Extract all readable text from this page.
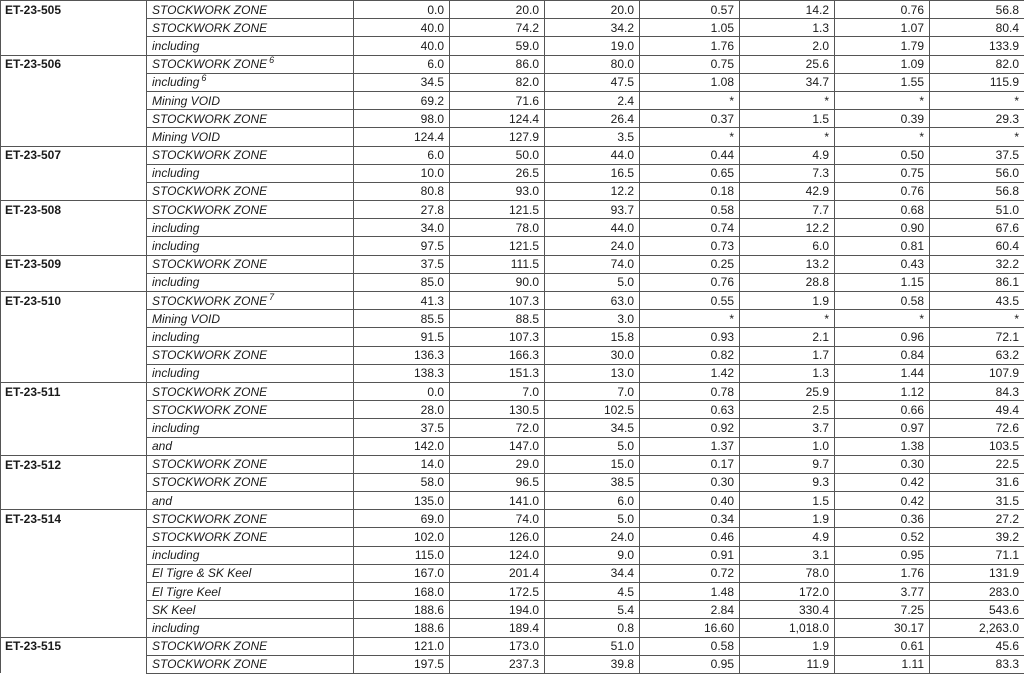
ET-23-505	STOCKWORK ZONE	0.0	20.0	20.0	0.57	14.2	0.76	56.8
	STOCKWORK ZONE	40.0	74.2	34.2	1.05	1.3	1.07	80.4
	including	40.0	59.0	19.0	1.76	2.0	1.79	133.9
ET-23-506	STOCKWORK ZONE $^6$	6.0	86.0	80.0	0.75	25.6	1.09	82.0
	including $^6$	34.5	82.0	47.5	1.08	34.7	1.55	115.9
	Mining VOID	69.2	71.6	2.4	*	*	*	*
	STOCKWORK ZONE	98.0	124.4	26.4	0.37	1.5	0.39	29.3
	Mining VOID	124.4	127.9	3.5	*	*	*	*
ET-23-507	STOCKWORK ZONE	6.0	50.0	44.0	0.44	4.9	0.50	37.5
	including	10.0	26.5	16.5	0.65	7.3	0.75	56.0
	STOCKWORK ZONE	80.8	93.0	12.2	0.18	42.9	0.76	56.8
ET-23-508	STOCKWORK ZONE	27.8	121.5	93.7	0.58	7.7	0.68	51.0
	including	34.0	78.0	44.0	0.74	12.2	0.90	67.6
	including	97.5	121.5	24.0	0.73	6.0	0.81	60.4
ET-23-509	STOCKWORK ZONE	37.5	111.5	74.0	0.25	13.2	0.43	32.2
	including	85.0	90.0	5.0	0.76	28.8	1.15	86.1
ET-23-510	STOCKWORK ZONE $^7$	41.3	107.3	63.0	0.55	1.9	0.58	43.5
	Mining VOID	85.5	88.5	3.0	*	*	*	*
	including	91.5	107.3	15.8	0.93	2.1	0.96	72.1
	STOCKWORK ZONE	136.3	166.3	30.0	0.82	1.7	0.84	63.2
	including	138.3	151.3	13.0	1.42	1.3	1.44	107.9
ET-23-511	STOCKWORK ZONE	0.0	7.0	7.0	0.78	25.9	1.12	84.3
	STOCKWORK ZONE	28.0	130.5	102.5	0.63	2.5	0.66	49.4
	including	37.5	72.0	34.5	0.92	3.7	0.97	72.6
	and	142.0	147.0	5.0	1.37	1.0	1.38	103.5
ET-23-512	STOCKWORK ZONE	14.0	29.0	15.0	0.17	9.7	0.30	22.5
	STOCKWORK ZONE	58.0	96.5	38.5	0.30	9.3	0.42	31.6
	and	135.0	141.0	6.0	0.40	1.5	0.42	31.5
ET-23-514	STOCKWORK ZONE	69.0	74.0	5.0	0.34	1.9	0.36	27.2
	STOCKWORK ZONE	102.0	126.0	24.0	0.46	4.9	0.52	39.2
	including	115.0	124.0	9.0	0.91	3.1	0.95	71.1
	El Tigre & SK Keel	167.0	201.4	34.4	0.72	78.0	1.76	131.9
	El Tigre Keel	168.0	172.5	4.5	1.48	172.0	3.77	283.0
	SK Keel	188.6	194.0	5.4	2.84	330.4	7.25	543.6
	including	188.6	189.4	0.8	16.60	1,018.0	30.17	2,263.0
ET-23-515	STOCKWORK ZONE	121.0	173.0	51.0	0.58	1.9	0.61	45.6
	STOCKWORK ZONE	197.5	237.3	39.8	0.95	11.9	1.11	83.3
